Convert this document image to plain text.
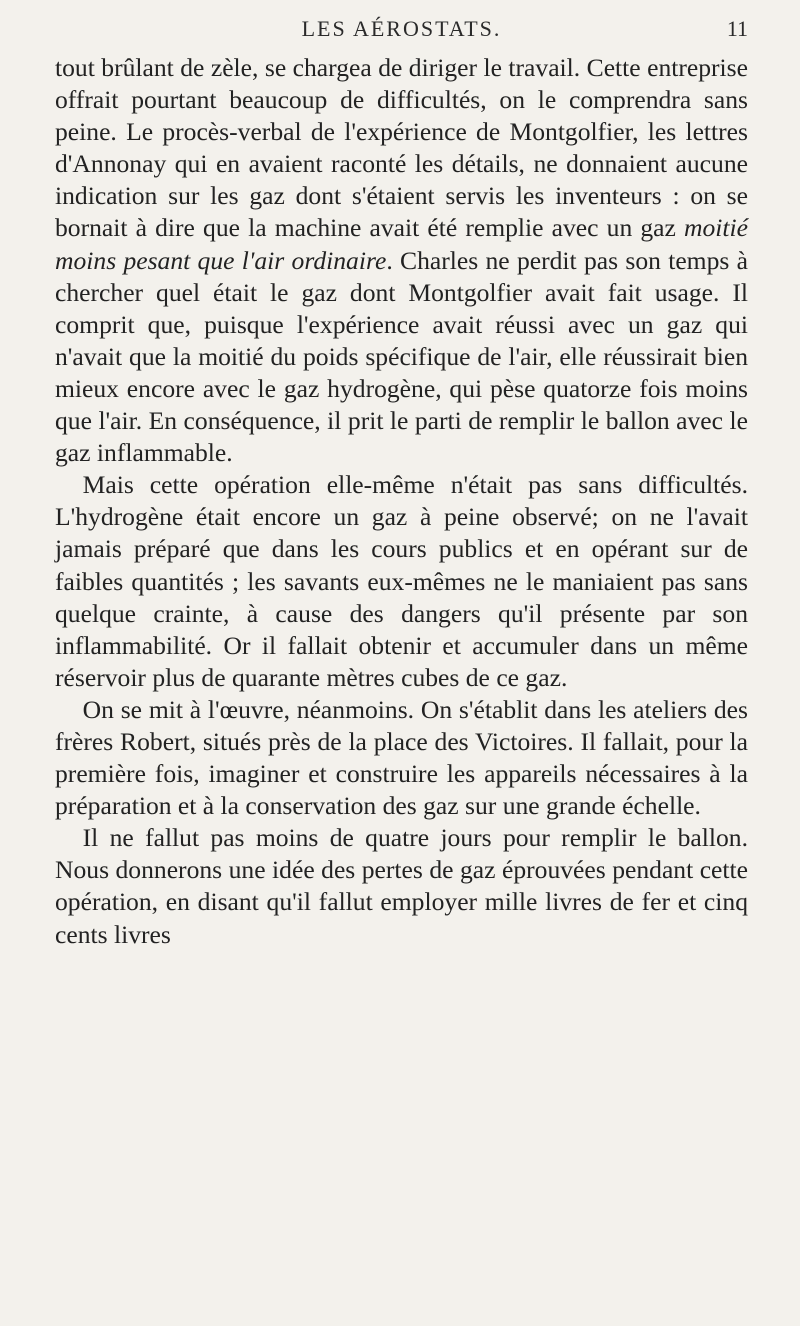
LES AÉROSTATS.	11

tout brûlant de zèle, se chargea de diriger le travail. Cette entreprise offrait pourtant beaucoup de difficultés, on le comprendra sans peine. Le procès-verbal de l'expérience de Montgolfier, les lettres d'Annonay qui en avaient raconté les détails, ne donnaient aucune indication sur les gaz dont s'étaient servis les inventeurs : on se bornait à dire que la machine avait été remplie avec un gaz moitié moins pesant que l'air ordinaire. Charles ne perdit pas son temps à chercher quel était le gaz dont Montgolfier avait fait usage. Il comprit que, puisque l'expérience avait réussi avec un gaz qui n'avait que la moitié du poids spécifique de l'air, elle réussirait bien mieux encore avec le gaz hydrogène, qui pèse quatorze fois moins que l'air. En conséquence, il prit le parti de remplir le ballon avec le gaz inflammable.

Mais cette opération elle-même n'était pas sans difficultés. L'hydrogène était encore un gaz à peine observé; on ne l'avait jamais préparé que dans les cours publics et en opérant sur de faibles quantités ; les savants eux-mêmes ne le maniaient pas sans quelque crainte, à cause des dangers qu'il présente par son inflammabilité. Or il fallait obtenir et accumuler dans un même réservoir plus de quarante mètres cubes de ce gaz.

On se mit à l'œuvre, néanmoins. On s'établit dans les ateliers des frères Robert, situés près de la place des Victoires. Il fallait, pour la première fois, imaginer et construire les appareils nécessaires à la préparation et à la conservation des gaz sur une grande échelle.

Il ne fallut pas moins de quatre jours pour remplir le ballon. Nous donnerons une idée des pertes de gaz éprouvées pendant cette opération, en disant qu'il fallut employer mille livres de fer et cinq cents livres
